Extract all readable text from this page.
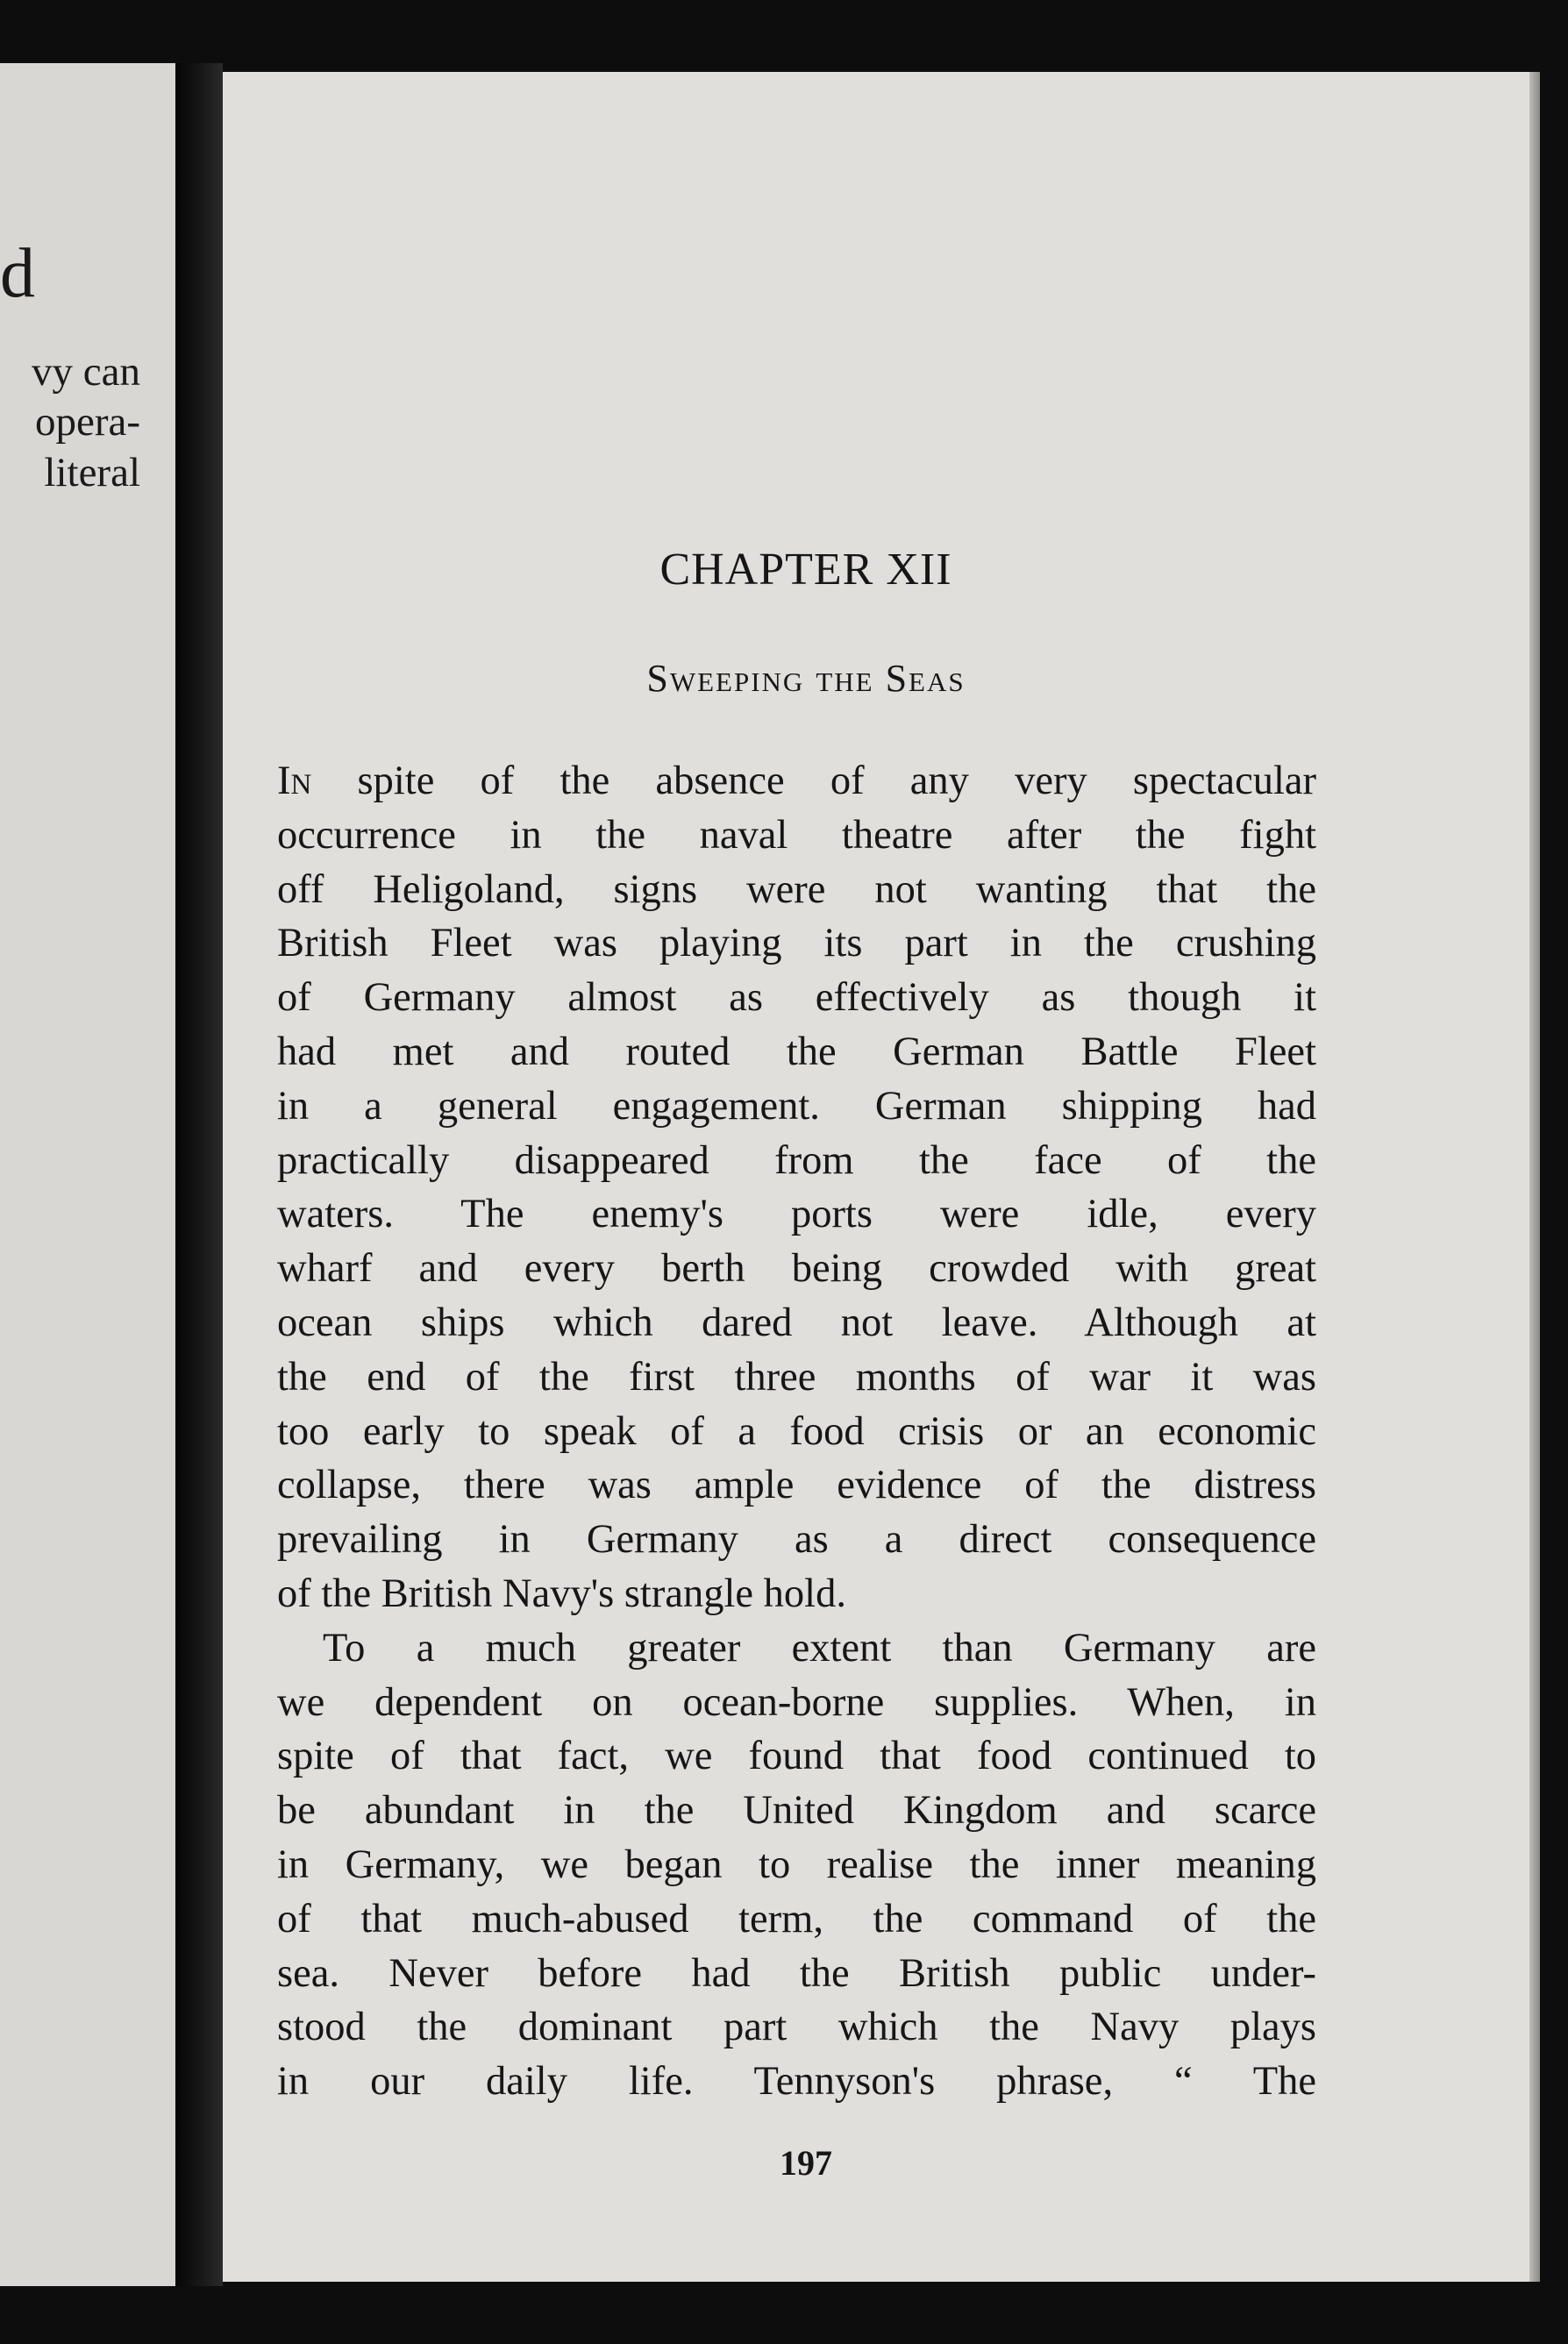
d
vy can
opera-
literal
CHAPTER XII
Sweeping the Seas
In spite of the absence of any very spectacular
occurrence in the naval theatre after the fight
off Heligoland, signs were not wanting that the
British Fleet was playing its part in the crushing
of Germany almost as effectively as though it
had met and routed the German Battle Fleet
in a general engagement. German shipping had
practically disappeared from the face of the
waters. The enemy's ports were idle, every
wharf and every berth being crowded with great
ocean ships which dared not leave. Although at
the end of the first three months of war it was
too early to speak of a food crisis or an economic
collapse, there was ample evidence of the distress
prevailing in Germany as a direct consequence
of the British Navy's strangle hold.
To a much greater extent than Germany are
we dependent on ocean-borne supplies. When, in
spite of that fact, we found that food continued to
be abundant in the United Kingdom and scarce
in Germany, we began to realise the inner meaning
of that much-abused term, the command of the
sea. Never before had the British public under-
stood the dominant part which the Navy plays
in our daily life. Tennyson's phrase, “ The
197
